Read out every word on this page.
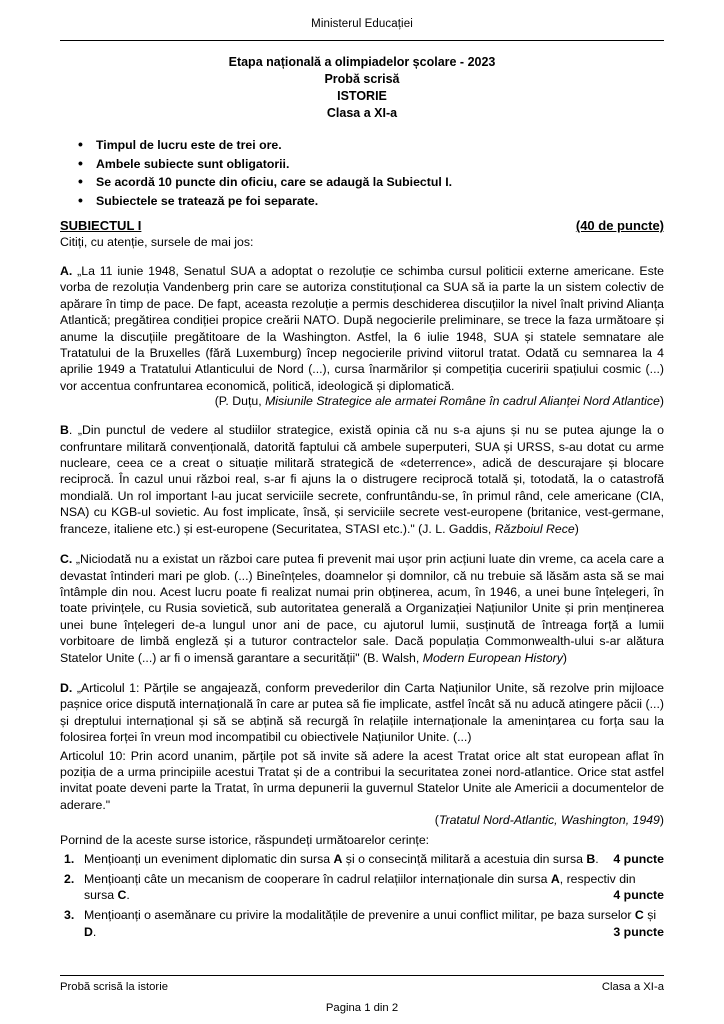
Ministerul Educației
Etapa națională a olimpiadelor școlare - 2023
Probă scrisă
ISTORIE
Clasa a XI-a
• Timpul de lucru este de trei ore.
• Ambele subiecte sunt obligatorii.
• Se acordă 10 puncte din oficiu, care se adaugă la Subiectul I.
• Subiectele se tratează pe foi separate.
SUBIECTUL I	(40 de puncte)
Citiți, cu atenție, sursele de mai jos:

A. „La 11 iunie 1948, Senatul SUA a adoptat o rezoluție ce schimba cursul politicii externe americane. Este vorba de rezoluția Vandenberg prin care se autoriza constituțional ca SUA să ia parte la un sistem colectiv de apărare în timp de pace. De fapt, aceasta rezoluție a permis deschiderea discuțiilor la nivel înalt privind Alianța Atlantică; pregătirea condiției propice creării NATO. După negocierile preliminare, se trece la faza următoare și anume la discuțiile pregătitoare de la Washington. Astfel, la 6 iulie 1948, SUA și statele semnatare ale Tratatului de la Bruxelles (fără Luxemburg) încep negocierile privind viitorul tratat. Odată cu semnarea la 4 aprilie 1949 a Tratatului Atlanticului de Nord (...), cursa înarmărilor și competiția cuceririi spațiului cosmic (...) vor accentua confruntarea economică, politică, ideologică și diplomatică.

(P. Duțu, Misiunile Strategice ale armatei Române în cadrul Alianței Nord Atlantice)

B. „Din punctul de vedere al studiilor strategice, există opinia că nu s-a ajuns și nu se putea ajunge la o confruntare militară convențională, datorită faptului că ambele superputeri, SUA și URSS, s-au dotat cu arme nucleare, ceea ce a creat o situație militară strategică de «deterrence», adică de descurajare și blocare reciprocă. În cazul unui război real, s-ar fi ajuns la o distrugere reciprocă totală și, totodată, la o catastrofă mondială. Un rol important l-au jucat serviciile secrete, confruntându-se, în primul rând, cele americane (CIA, NSA) cu KGB-ul sovietic. Au fost implicate, însă, și serviciile secrete vest-europene (britanice, vest-germane, franceze, italiene etc.) și est-europene (Securitatea, STASI etc.)." (J. L. Gaddis, Războiul Rece)

C. „Niciodată nu a existat un război care putea fi prevenit mai ușor prin acțiuni luate din vreme, ca acela care a devastat întinderi mari pe glob. (...) Bineînțeles, doamnelor și domnilor, că nu trebuie să lăsăm asta să se mai întâmple din nou. Acest lucru poate fi realizat numai prin obținerea, acum, în 1946, a unei bune înțelegeri, în toate privințele, cu Rusia sovietică, sub autoritatea generală a Organizației Națiunilor Unite și prin menținerea unei bune înțelegeri de-a lungul unor ani de pace, cu ajutorul lumii, susținută de întreaga forță a lumii vorbitoare de limbă engleză și a tuturor contractelor sale. Dacă populația Commonwealth-ului s-ar alătura Statelor Unite (...) ar fi o imensă garantare a securității" (B. Walsh, Modern European History)

D. „Articolul 1: Părțile se angajează, conform prevederilor din Carta Națiunilor Unite, să rezolve prin mijloace pașnice orice dispută internațională în care ar putea să fie implicate, astfel încât să nu aducă atingere păcii (...) și dreptului internațional și să se abțină să recurgă în relațiile internaționale la amenințarea cu forța sau la folosirea forței în vreun mod incompatibil cu obiectivele Națiunilor Unite. (...)

Articolul 10: Prin acord unanim, părțile pot să invite să adere la acest Tratat orice alt stat european aflat în poziția de a urma principiile acestui Tratat și de a contribui la securitatea zonei nord-atlantice. Orice stat astfel invitat poate deveni parte la Tratat, în urma depunerii la guvernul Statelor Unite ale Americii a documentelor de aderare."

(Tratatul Nord-Atlantic, Washington, 1949)
Pornind de la aceste surse istorice, răspundeți următoarelor cerințe:
Mențioanți un eveniment diplomatic din sursa A și o consecință militară a acestuia din sursa B. 4 puncte
Mențioanți câte un mecanism de cooperare în cadrul relațiilor internaționale din sursa A, respectiv din sursa C.	4 puncte
Mențioanți o asemănare cu privire la modalitățile de prevenire a unui conflict militar, pe baza surselor C și D.	3 puncte
Probă scrisă la istorie	Clasa a XI-a
Pagina 1 din 2
